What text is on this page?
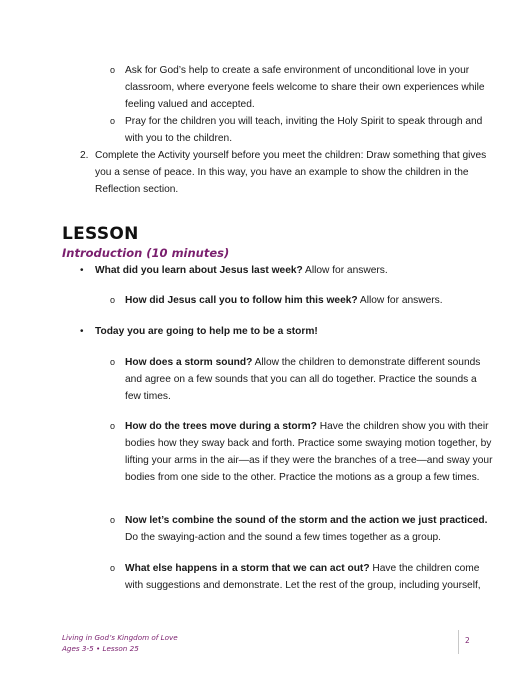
o Ask for God’s help to create a safe environment of unconditional love in your classroom, where everyone feels welcome to share their own experiences while feeling valued and accepted.
o Pray for the children you will teach, inviting the Holy Spirit to speak through and with you to the children.
2. Complete the Activity yourself before you meet the children: Draw something that gives you a sense of peace. In this way, you have an example to show the children in the Reflection section.
LESSON
Introduction (10 minutes)
• What did you learn about Jesus last week? Allow for answers.
o How did Jesus call you to follow him this week? Allow for answers.
• Today you are going to help me to be a storm!
o How does a storm sound? Allow the children to demonstrate different sounds and agree on a few sounds that you can all do together. Practice the sounds a few times.
o How do the trees move during a storm? Have the children show you with their bodies how they sway back and forth. Practice some swaying motion together, by lifting your arms in the air—as if they were the branches of a tree—and sway your bodies from one side to the other. Practice the motions as a group a few times.
o Now let’s combine the sound of the storm and the action we just practiced. Do the swaying-action and the sound a few times together as a group.
o What else happens in a storm that we can act out? Have the children come with suggestions and demonstrate. Let the rest of the group, including yourself,
Living in God’s Kingdom of Love
Ages 3-5 • Lesson 25
2
